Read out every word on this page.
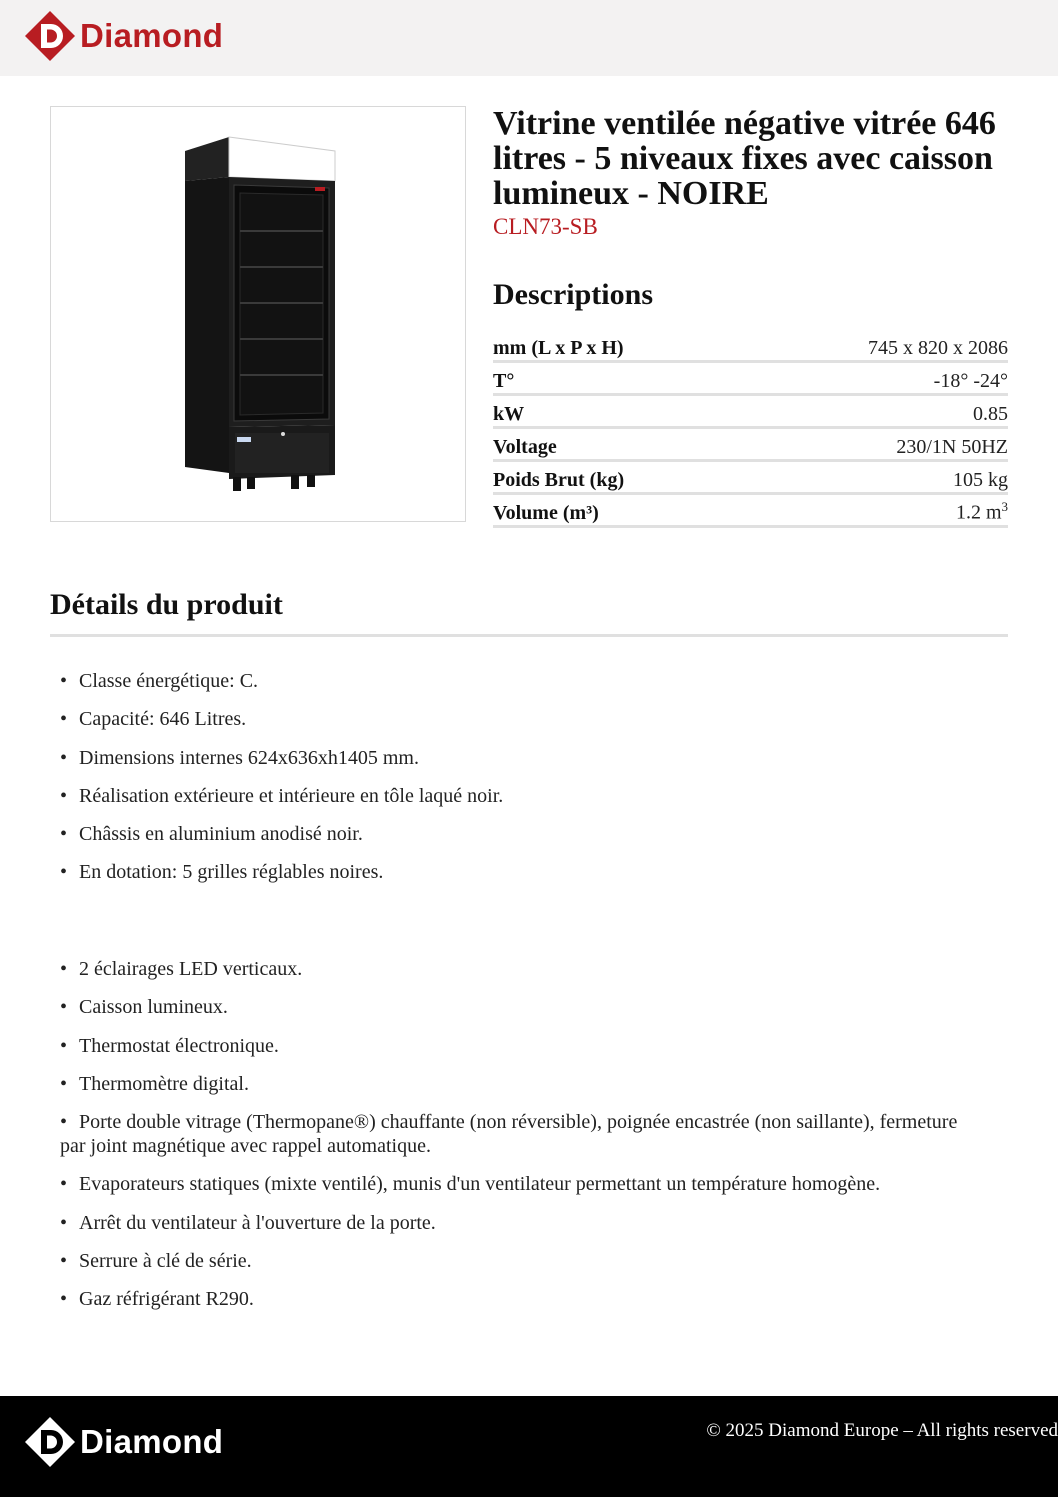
Diamond
Vitrine ventilée négative vitrée 646 litres - 5 niveaux fixes avec caisson lumineux - NOIRE
CLN73-SB
Descriptions
mm (L x P x H)	745 x 820 x 2086
T°	-18° -24°
kW	0.85
Voltage	230/1N 50HZ
Poids Brut (kg)	105 kg
Volume (m³)	1.2 $m^3$
Détails du produit
• Classe énergétique: C.
• Capacité: 646 Litres.
• Dimensions internes 624x636xh1405 mm.
• Réalisation extérieure et intérieure en tôle laqué noir.
• Châssis en aluminium anodisé noir.
• En dotation: 5 grilles réglables noires.
• 2 éclairages LED verticaux.
• Caisson lumineux.
• Thermostat électronique.
• Thermomètre digital.
• Porte double vitrage (Thermopane®) chauffante (non réversible), poignée encastrée (non saillante), fermeture par joint magnétique avec rappel automatique.
• Evaporateurs statiques (mixte ventilé), munis d'un ventilateur permettant un température homogène.
• Arrêt du ventilateur à l'ouverture de la porte.
• Serrure à clé de série.
• Gaz réfrigérant R290.
Diamond	© 2025 Diamond Europe – All rights reserved
